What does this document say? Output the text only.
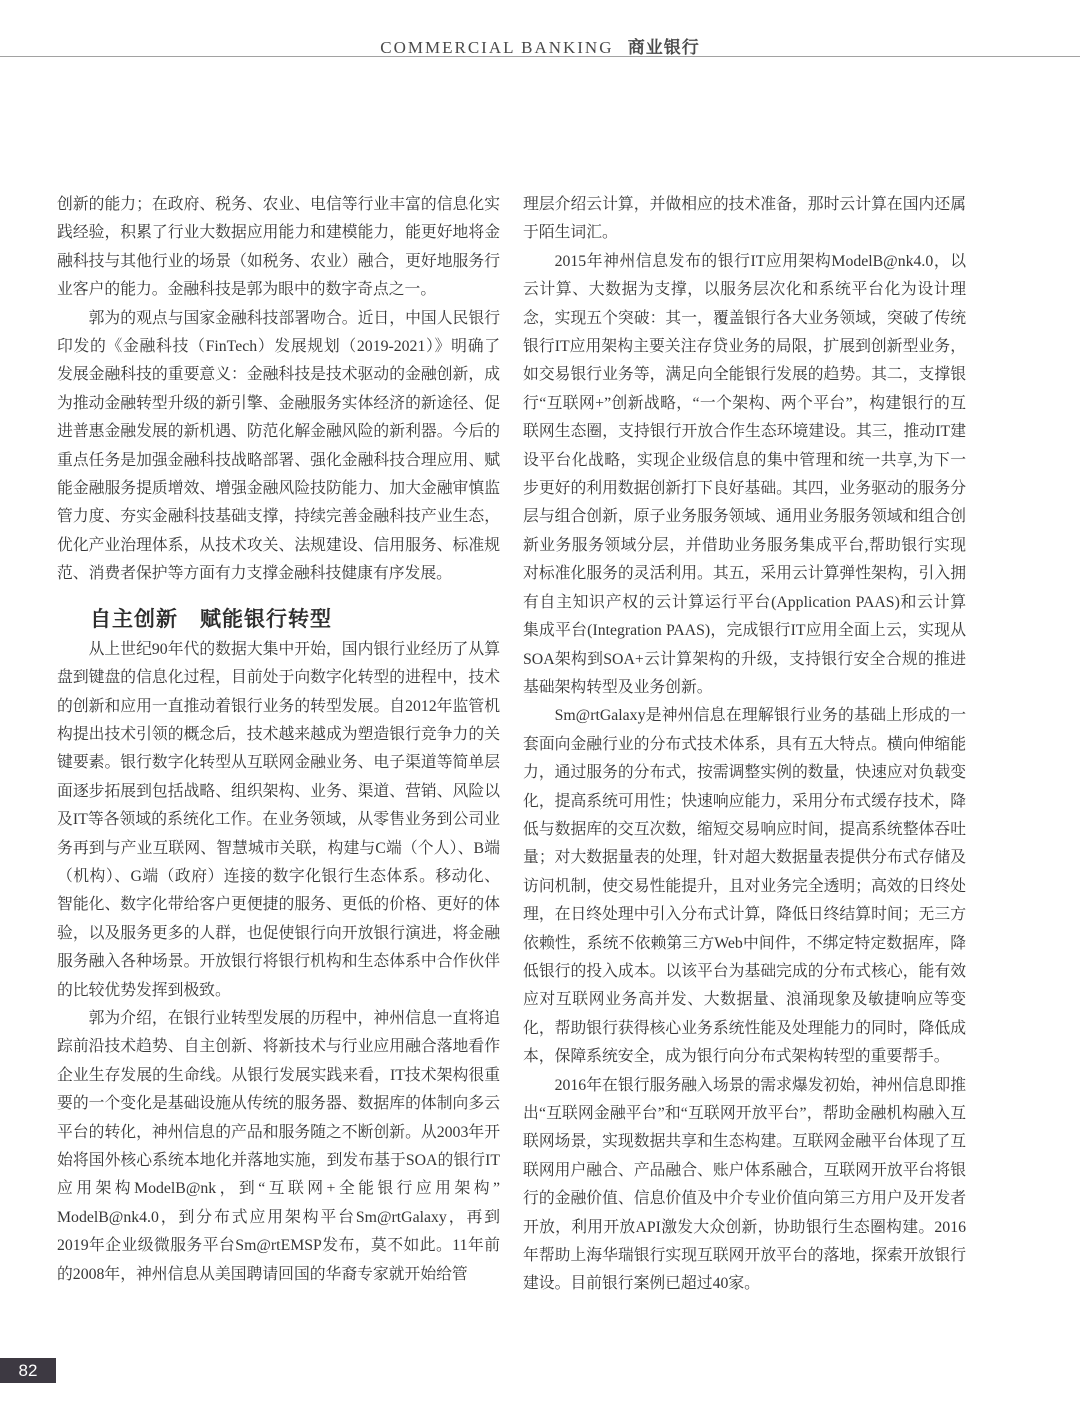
COMMERCIAL BANKING 商业银行

创新的能力；在政府、税务、农业、电信等行业丰富的信息化实践经验，积累了行业大数据应用能力和建模能力，能更好地将金融科技与其他行业的场景（如税务、农业）融合，更好地服务行业客户的能力。金融科技是郭为眼中的数字奇点之一。

郭为的观点与国家金融科技部署吻合。近日，中国人民银行印发的《金融科技（FinTech）发展规划（2019-2021）》明确了发展金融科技的重要意义：金融科技是技术驱动的金融创新，成为推动金融转型升级的新引擎、金融服务实体经济的新途径、促进普惠金融发展的新机遇、防范化解金融风险的新利器。今后的重点任务是加强金融科技战略部署、强化金融科技合理应用、赋能金融服务提质增效、增强金融风险技防能力、加大金融审慎监管力度、夯实金融科技基础支撑，持续完善金融科技产业生态，优化产业治理体系，从技术攻关、法规建设、信用服务、标准规范、消费者保护等方面有力支撑金融科技健康有序发展。

自主创新　赋能银行转型

从上世纪90年代的数据大集中开始，国内银行业经历了从算盘到键盘的信息化过程，目前处于向数字化转型的进程中，技术的创新和应用一直推动着银行业务的转型发展。自2012年监管机构提出技术引领的概念后，技术越来越成为塑造银行竞争力的关键要素。银行数字化转型从互联网金融业务、电子渠道等简单层面逐步拓展到包括战略、组织架构、业务、渠道、营销、风险以及IT等各领域的系统化工作。在业务领域，从零售业务到公司业务再到与产业互联网、智慧城市关联，构建与C端（个人）、B端（机构）、G端（政府）连接的数字化银行生态体系。移动化、智能化、数字化带给客户更便捷的服务、更低的价格、更好的体验，以及服务更多的人群，也促使银行向开放银行演进，将金融服务融入各种场景。开放银行将银行机构和生态体系中合作伙伴的比较优势发挥到极致。

郭为介绍，在银行业转型发展的历程中，神州信息一直将追踪前沿技术趋势、自主创新、将新技术与行业应用融合落地看作企业生存发展的生命线。从银行发展实践来看，IT技术架构很重要的一个变化是基础设施从传统的服务器、数据库的体制向多云平台的转化，神州信息的产品和服务随之不断创新。从2003年开始将国外核心系统本地化并落地实施，到发布基于SOA的银行IT应用架构ModelB@nk，到“互联网+全能银行应用架构”ModelB@nk4.0，到分布式应用架构平台Sm@rtGalaxy，再到2019年企业级微服务平台Sm@rtEMSP发布，莫不如此。11年前的2008年，神州信息从美国聘请回国的华裔专家就开始给管

理层介绍云计算，并做相应的技术准备，那时云计算在国内还属于陌生词汇。

2015年神州信息发布的银行IT应用架构ModelB@nk4.0，以云计算、大数据为支撑，以服务层次化和系统平台化为设计理念，实现五个突破：其一，覆盖银行各大业务领域，突破了传统银行IT应用架构主要关注存贷业务的局限，扩展到创新型业务，如交易银行业务等，满足向全能银行发展的趋势。其二，支撑银行“互联网+”创新战略，“一个架构、两个平台”，构建银行的互联网生态圈，支持银行开放合作生态环境建设。其三，推动IT建设平台化战略，实现企业级信息的集中管理和统一共享,为下一步更好的利用数据创新打下良好基础。其四，业务驱动的服务分层与组合创新，原子业务服务领域、通用业务服务领域和组合创新业务服务领域分层，并借助业务服务集成平台,帮助银行实现对标准化服务的灵活利用。其五，采用云计算弹性架构，引入拥有自主知识产权的云计算运行平台(Application PAAS)和云计算集成平台(Integration PAAS)，完成银行IT应用全面上云，实现从SOA架构到SOA+云计算架构的升级，支持银行安全合规的推进基础架构转型及业务创新。

Sm@rtGalaxy是神州信息在理解银行业务的基础上形成的一套面向金融行业的分布式技术体系，具有五大特点。横向伸缩能力，通过服务的分布式，按需调整实例的数量，快速应对负载变化，提高系统可用性；快速响应能力，采用分布式缓存技术，降低与数据库的交互次数，缩短交易响应时间，提高系统整体吞吐量；对大数据量表的处理，针对超大数据量表提供分布式存储及访问机制，使交易性能提升，且对业务完全透明；高效的日终处理，在日终处理中引入分布式计算，降低日终结算时间；无三方依赖性，系统不依赖第三方Web中间件，不绑定特定数据库，降低银行的投入成本。以该平台为基础完成的分布式核心，能有效应对互联网业务高并发、大数据量、浪涌现象及敏捷响应等变化，帮助银行获得核心业务系统性能及处理能力的同时，降低成本，保障系统安全，成为银行向分布式架构转型的重要帮手。

2016年在银行服务融入场景的需求爆发初始，神州信息即推出“互联网金融平台”和“互联网开放平台”，帮助金融机构融入互联网场景，实现数据共享和生态构建。互联网金融平台体现了互联网用户融合、产品融合、账户体系融合，互联网开放平台将银行的金融价值、信息价值及中介专业价值向第三方用户及开发者开放，利用开放API激发大众创新，协助银行生态圈构建。2016年帮助上海华瑞银行实现互联网开放平台的落地，探索开放银行建设。目前银行案例已超过40家。

82
